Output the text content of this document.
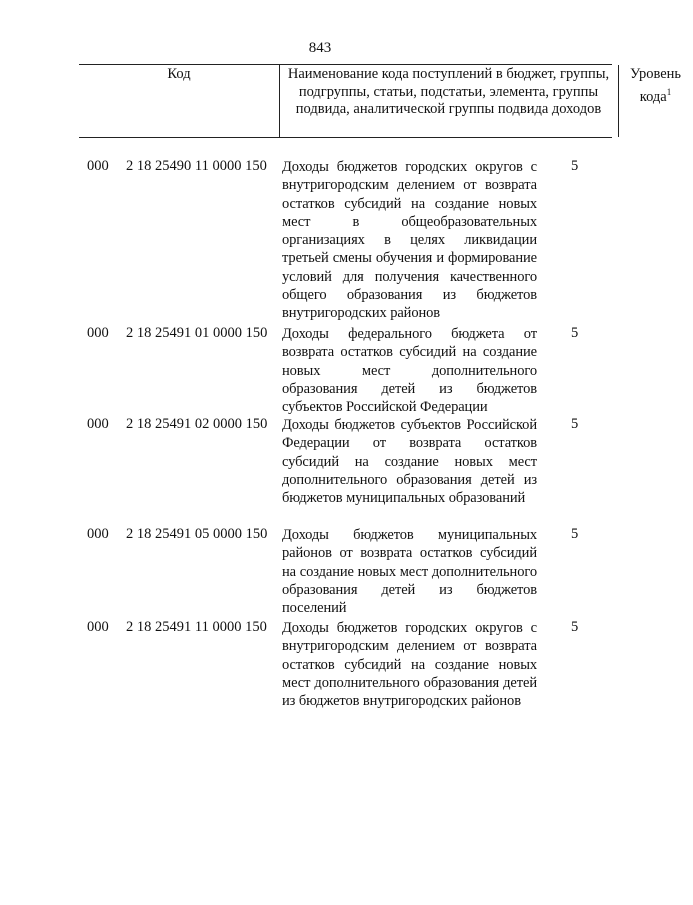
843
Код	Наименование кода поступлений в бюджет, группы, подгруппы, статьи, подстатьи, элемента, группы подвида, аналитической группы подвида доходов
Уровень кода$^1$
000 2 18 25490 11 0000 150 Доходы бюджетов городских округов с внутригородским делением от возврата остатков субсидий на создание новых мест в общеобразовательных организациях в целях ликвидации третьей смены обучения и формирование условий для получения качественного общего образования из бюджетов внутригородских районов
5
000 2 18 25491 01 0000 150 Доходы федерального бюджета от возврата остатков субсидий на создание новых мест дополнительного образования детей из бюджетов субъектов Российской Федерации
5
000 2 18 25491 02 0000 150 Доходы бюджетов субъектов Российской Федерации от возврата остатков субсидий на создание новых мест дополнительного образования детей из бюджетов муниципальных образований
5
000 2 18 25491 05 0000 150 Доходы бюджетов муниципальных районов от возврата остатков субсидий на создание новых мест дополнительного образования детей из бюджетов поселений
5
000 2 18 25491 11 0000 150 Доходы бюджетов городских округов с внутригородским делением от возврата остатков субсидий на создание новых мест дополнительного образования детей из бюджетов внутригородских районов
5
